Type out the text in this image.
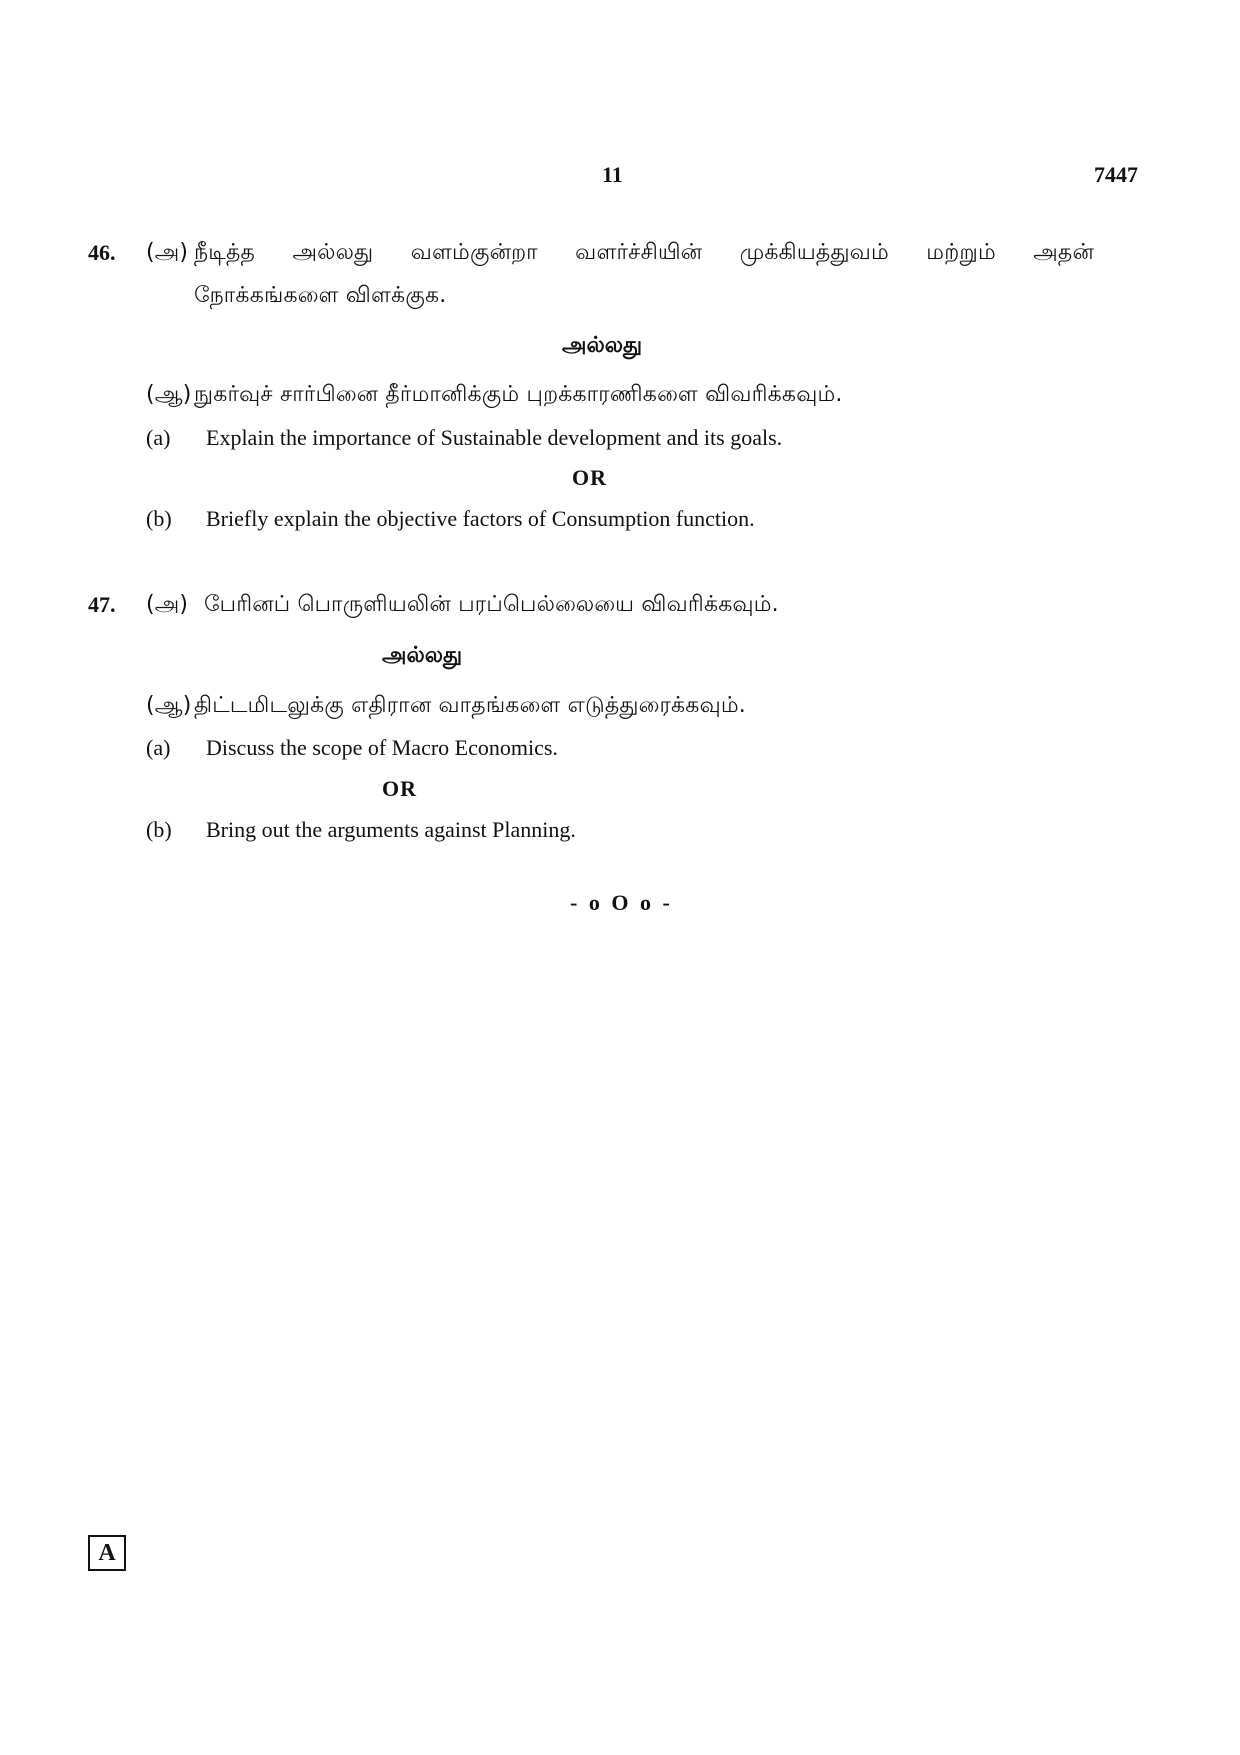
11	7447
46. (அ) நீடித்த அல்லது வளம்குன்றா வளர்ச்சியின் முக்கியத்துவம் மற்றும் அதன்
நோக்கங்களை விளக்குக.
அல்லது
(ஆ) நுகர்வுச் சார்பினை தீர்மானிக்கும் புறக்காரணிகளை விவரிக்கவும்.
(a) Explain the importance of Sustainable development and its goals.
OR
(b) Briefly explain the objective factors of Consumption function.
47. (அ) பேரினப் பொருளியலின் பரப்பெல்லையை விவரிக்கவும்.
அல்லது
(ஆ) திட்டமிடலுக்கு எதிரான வாதங்களை எடுத்துரைக்கவும்.
(a) Discuss the scope of Macro Economics.
OR
(b) Bring out the arguments against Planning.
- o O o -
A
